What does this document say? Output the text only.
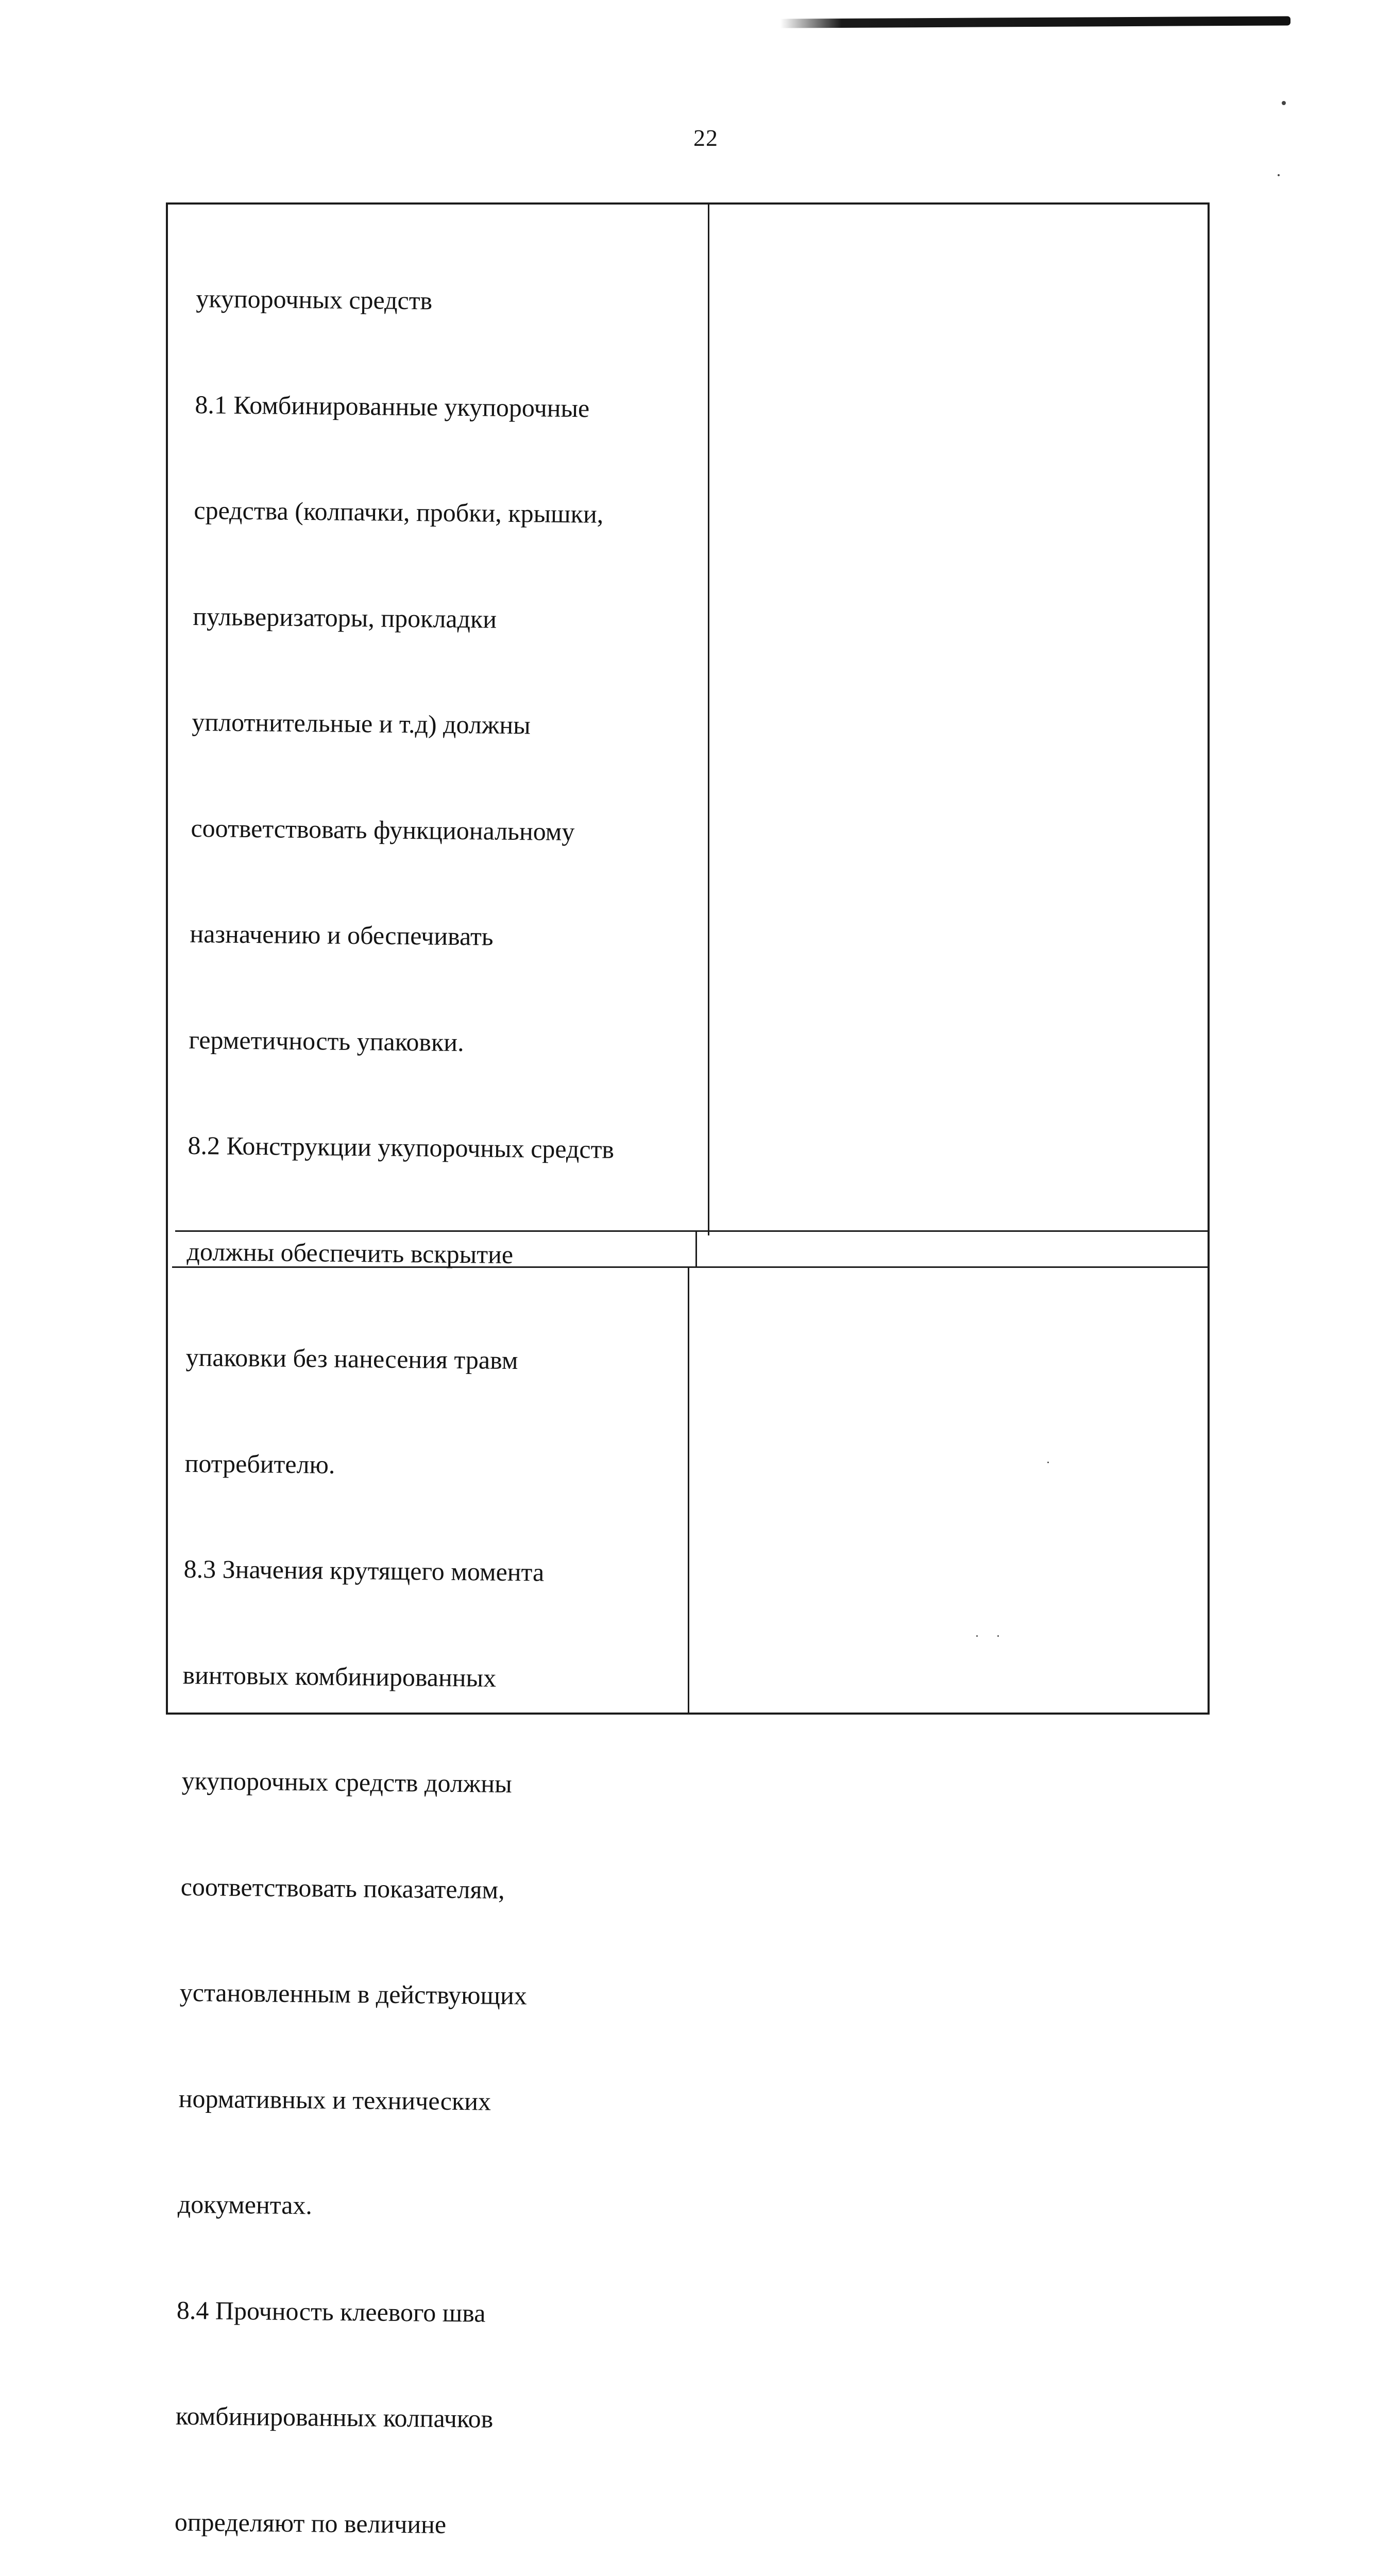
22

укупорочных средств

8.1 Комбинированные укупорочные

средства (колпачки, пробки, крышки,

пульверизаторы, прокладки

уплотнительные и т.д) должны

соответствовать функциональному

назначению и обеспечивать

герметичность упаковки.

8.2 Конструкции укупорочных средств

должны обеспечить вскрытие

упаковки без нанесения травм

потребителю.

8.3 Значения крутящего момента

винтовых комбинированных

укупорочных средств должны

соответствовать показателям,

установленным в действующих

нормативных и технических

документах.

8.4 Прочность клеевого шва

комбинированных колпачков

определяют по величине
